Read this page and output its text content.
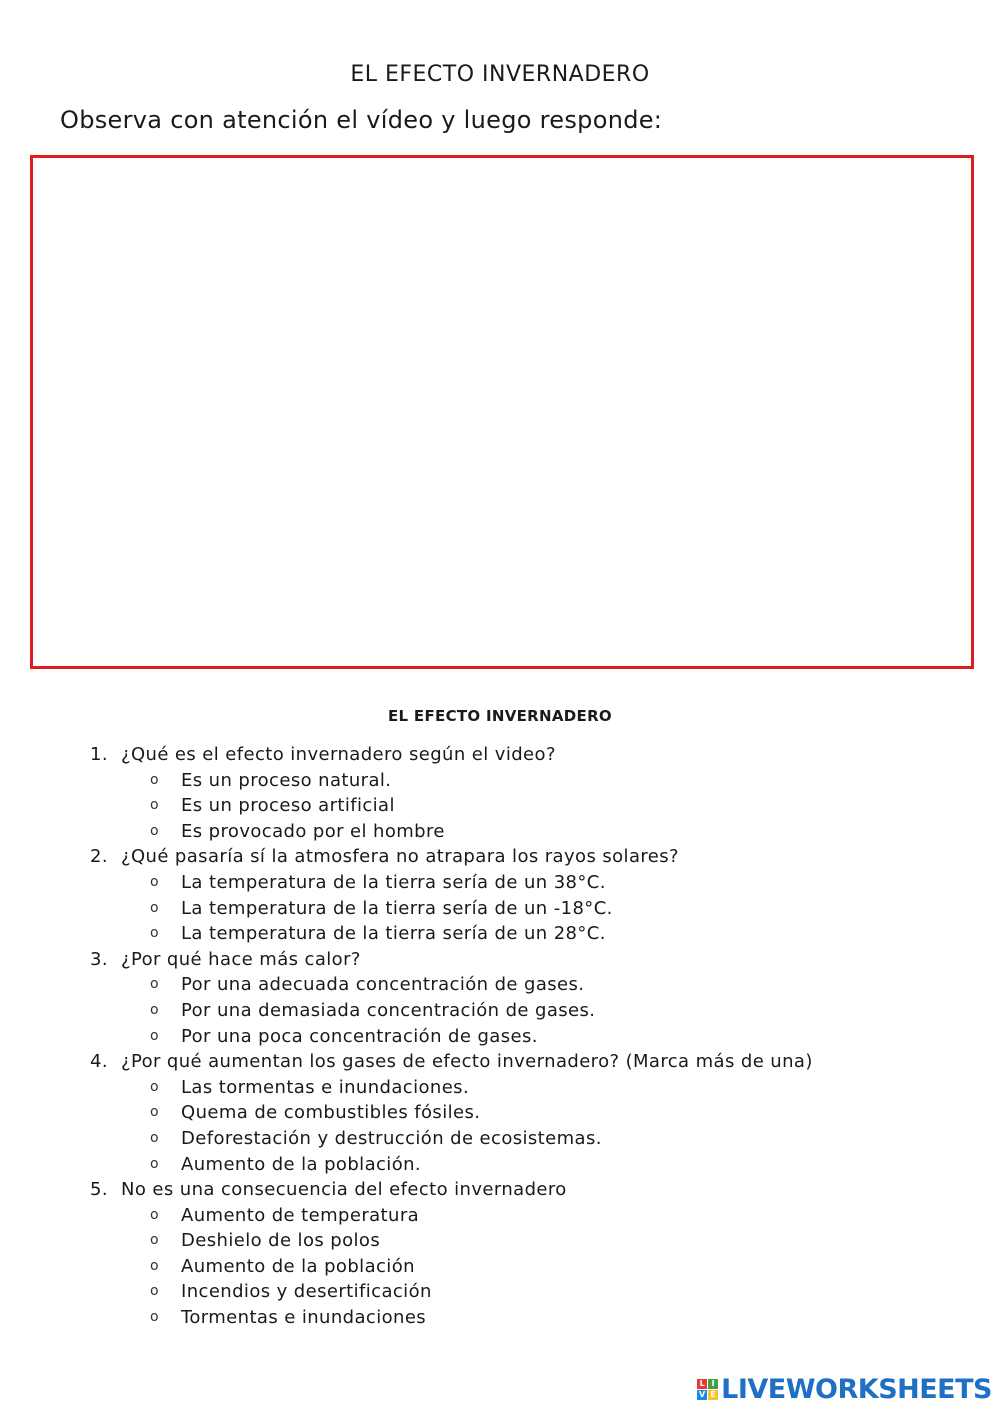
EL EFECTO INVERNADERO
Observa con atención el vídeo y luego responde:
EL EFECTO INVERNADERO
1. ¿Qué es el efecto invernadero según el video?
o Es un proceso natural.
o Es un proceso artificial
o Es provocado por el hombre
2. ¿Qué pasaría sí la atmosfera no atrapara los rayos solares?
o La temperatura de la tierra sería de un 38°C.
o La temperatura de la tierra sería de un -18°C.
o La temperatura de la tierra sería de un 28°C.
3. ¿Por qué hace más calor?
o Por una adecuada concentración de gases.
o Por una demasiada concentración de gases.
o Por una poca concentración de gases.
4. ¿Por qué aumentan los gases de efecto invernadero? (Marca más de una)
o Las tormentas e inundaciones.
o Quema de combustibles fósiles.
o Deforestación y destrucción de ecosistemas.
o Aumento de la población.
5. No es una consecuencia del efecto invernadero
o Aumento de temperatura
o Deshielo de los polos
o Aumento de la población
o Incendios y desertificación
o Tormentas e inundaciones
L I
V E LIVEWORKSHEETS
